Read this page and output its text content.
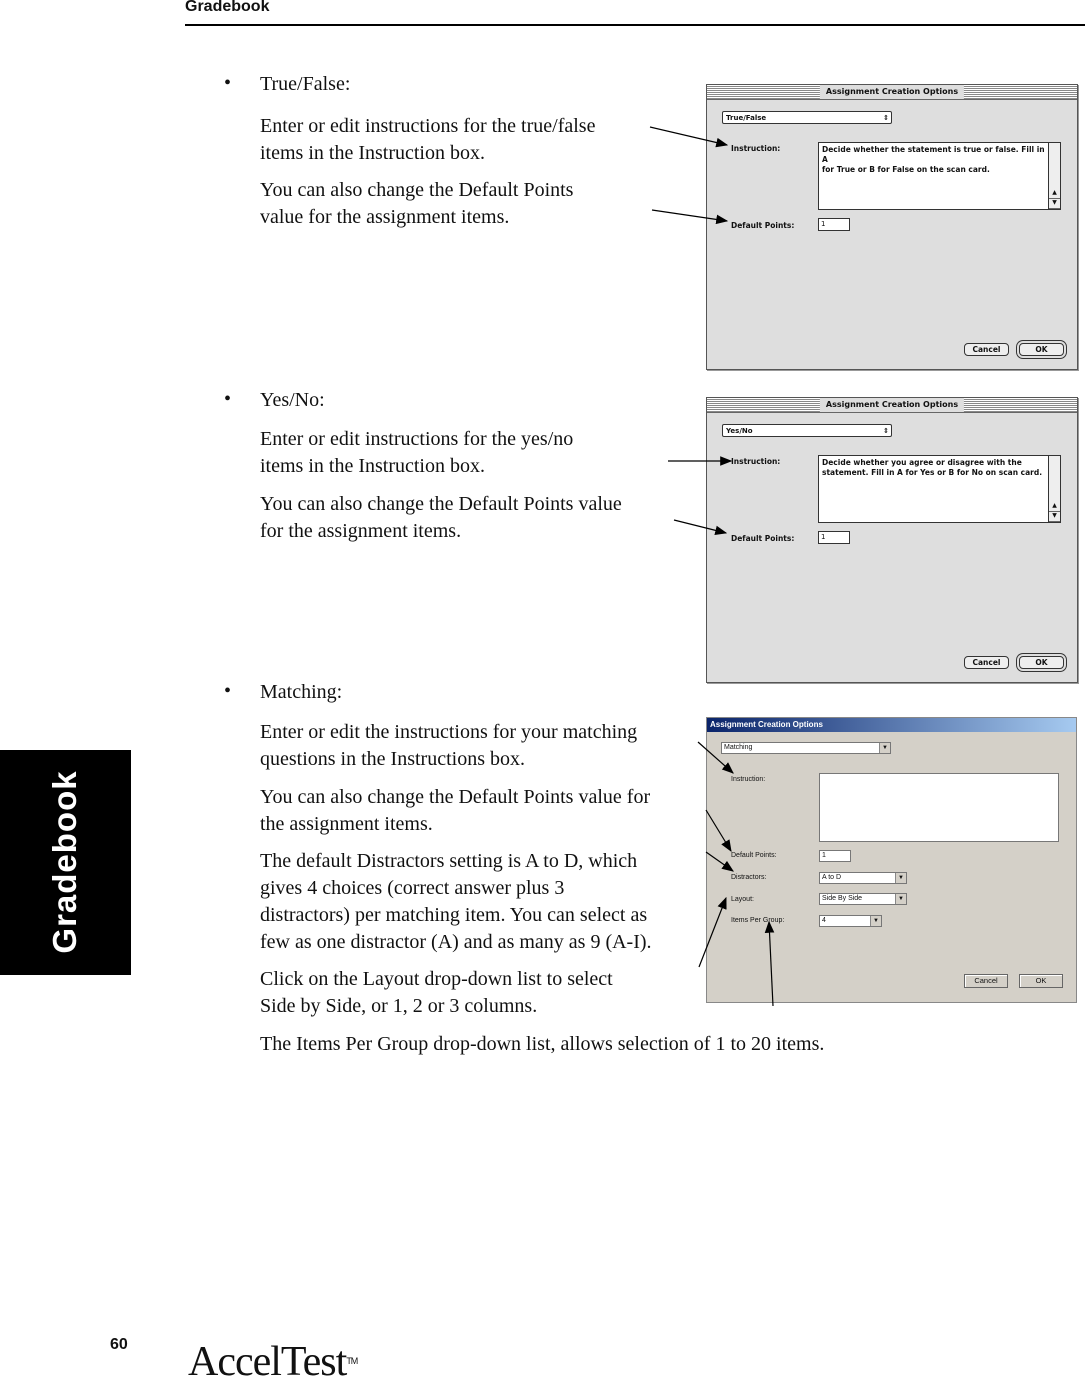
Gradebook
Gradebook
• True/False:
Enter or edit instructions for the true/false
items in the Instruction box.
You can also change the Default Points
value for the assignment items.
Assignment Creation Options
True/False	⇕
Instruction:	Decide whether the statement is true or false. Fill in A
for True or B for False on the scan card.
▲
▼
Default Points:	1
Cancel	OK
• Yes/No:
Enter or edit instructions for the yes/no
items in the Instruction box.
You can also change the Default Points value
for the assignment items.
Assignment Creation Options
Yes/No	⇕
Instruction:	Decide whether you agree or disagree with the
statement. Fill in A for Yes or B for No on scan card.
▲
▼
Default Points:	1
Cancel	OK
• Matching:
Enter or edit the instructions for your matching
questions in the Instructions box.
You can also change the Default Points value for
the assignment items.
The default Distractors setting is A to D, which
gives 4 choices (correct answer plus 3
distractors) per matching item. You can select as
few as one distractor (A) and as many as 9 (A-I).
Click on the Layout drop-down list to select
Side by Side, or 1, 2 or 3 columns.
The Items Per Group drop-down list, allows selection of 1 to 20 items.
Assignment Creation Options
Matching	▼
Instruction:
Default Points:	1
Distractors:	A to D	▼
Layout:	Side By Side	▼
Items Per Group:	4	▼
Cancel	OK
60 AccelTest™
